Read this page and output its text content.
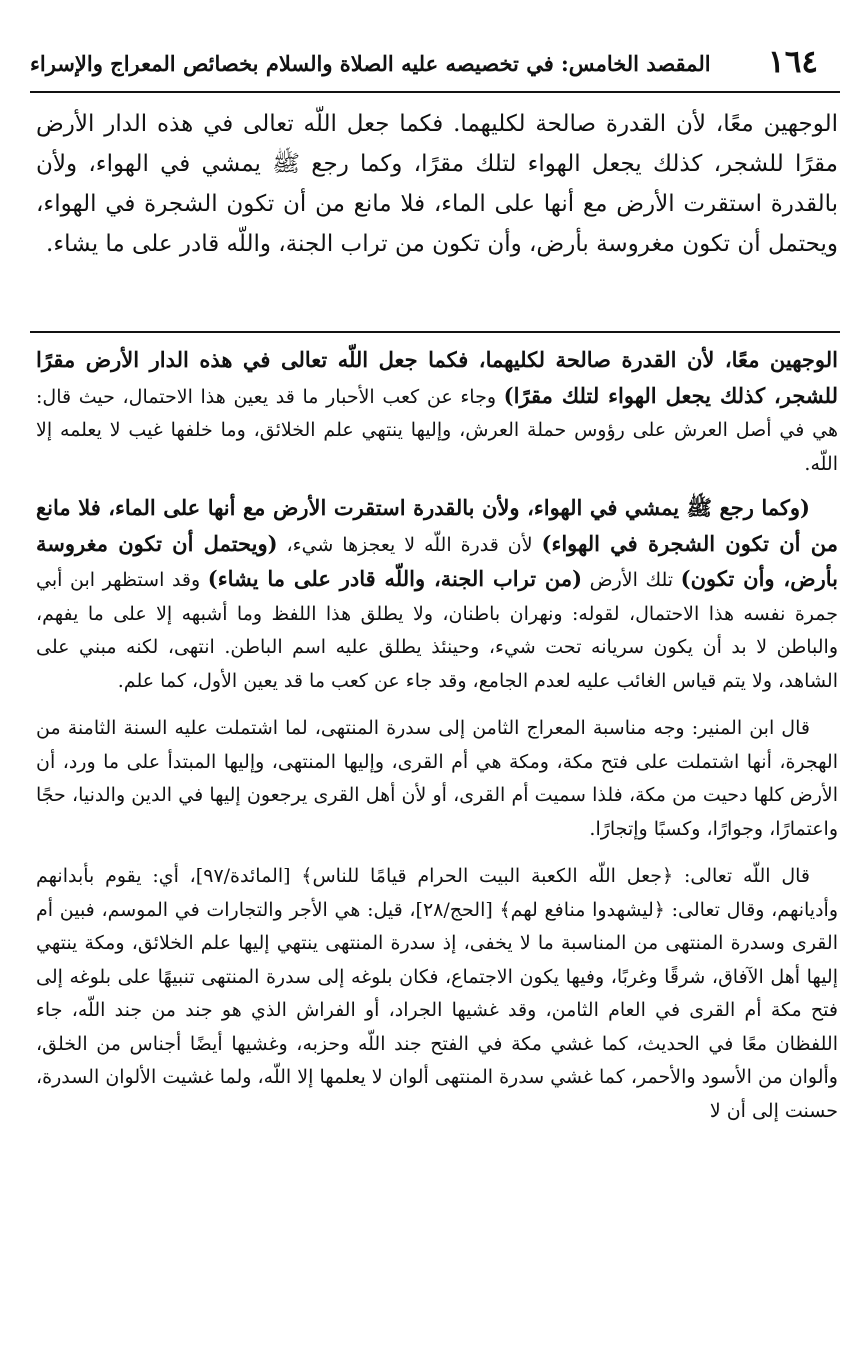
١٦٤
المقصد الخامس: في تخصيصه عليه الصلاة والسلام بخصائص المعراج والإسراء

الوجهين معًا، لأن القدرة صالحة لكليهما. فكما جعل اللّه تعالى في هذه الدار الأرض مقرًا للشجر، كذلك يجعل الهواء لتلك مقرًا، وكما رجع ﷺ يمشي في الهواء، ولأن بالقدرة استقرت الأرض مع أنها على الماء، فلا مانع من أن تكون الشجرة في الهواء، ويحتمل أن تكون مغروسة بأرض، وأن تكون من تراب الجنة، واللّه قادر على ما يشاء.

الوجهين معًا، لأن القدرة صالحة لكليهما، فكما جعل اللّه تعالى في هذه الدار الأرض مقرًا للشجر، كذلك يجعل الهواء لتلك مقرًا) وجاء عن كعب الأحبار ما قد يعين هذا الاحتمال، حيث قال: هي في أصل العرش على رؤوس حملة العرش، وإليها ينتهي علم الخلائق، وما خلفها غيب لا يعلمه إلا اللّه.

(وكما رجع ﷺ يمشي في الهواء، ولأن بالقدرة استقرت الأرض مع أنها على الماء، فلا مانع من أن تكون الشجرة في الهواء) لأن قدرة اللّه لا يعجزها شيء، (ويحتمل أن تكون مغروسة بأرض، وأن تكون) تلك الأرض (من تراب الجنة، واللّه قادر على ما يشاء) وقد استظهر ابن أبي جمرة نفسه هذا الاحتمال، لقوله: ونهران باطنان، ولا يطلق هذا اللفظ وما أشبهه إلا على ما يفهم، والباطن لا بد أن يكون سريانه تحت شيء، وحينئذ يطلق عليه اسم الباطن. انتهى، لكنه مبني على الشاهد، ولا يتم قياس الغائب عليه لعدم الجامع، وقد جاء عن كعب ما قد يعين الأول، كما علم.

قال ابن المنير: وجه مناسبة المعراج الثامن إلى سدرة المنتهى، لما اشتملت عليه السنة الثامنة من الهجرة، أنها اشتملت على فتح مكة، ومكة هي أم القرى، وإليها المنتهى، وإليها المبتدأ على ما ورد، أن الأرض كلها دحيت من مكة، فلذا سميت أم القرى، أو لأن أهل القرى يرجعون إليها في الدين والدنيا، حجًا واعتمارًا، وجوارًا، وكسبًا وإتجارًا.

قال اللّه تعالى: ﴿جعل اللّه الكعبة البيت الحرام قيامًا للناس﴾ [المائدة/٩٧]، أي: يقوم بأبدانهم وأديانهم، وقال تعالى: ﴿ليشهدوا منافع لهم﴾ [الحج/٢٨]، قيل: هي الأجر والتجارات في الموسم، فبين أم القرى وسدرة المنتهى من المناسبة ما لا يخفى، إذ سدرة المنتهى ينتهي إليها علم الخلائق، ومكة ينتهي إليها أهل الآفاق، شرقًا وغربًا، وفيها يكون الاجتماع، فكان بلوغه إلى سدرة المنتهى تنبيهًا على بلوغه إلى فتح مكة أم القرى في العام الثامن، وقد غشيها الجراد، أو الفراش الذي هو جند من جند اللّه، جاء اللفظان معًا في الحديث، كما غشي مكة في الفتح جند اللّه وحزبه، وغشيها أيضًا أجناس من الخلق، وألوان من الأسود والأحمر، كما غشي سدرة المنتهى ألوان لا يعلمها إلا اللّه، ولما غشيت الألوان السدرة، حسنت إلى أن لا
